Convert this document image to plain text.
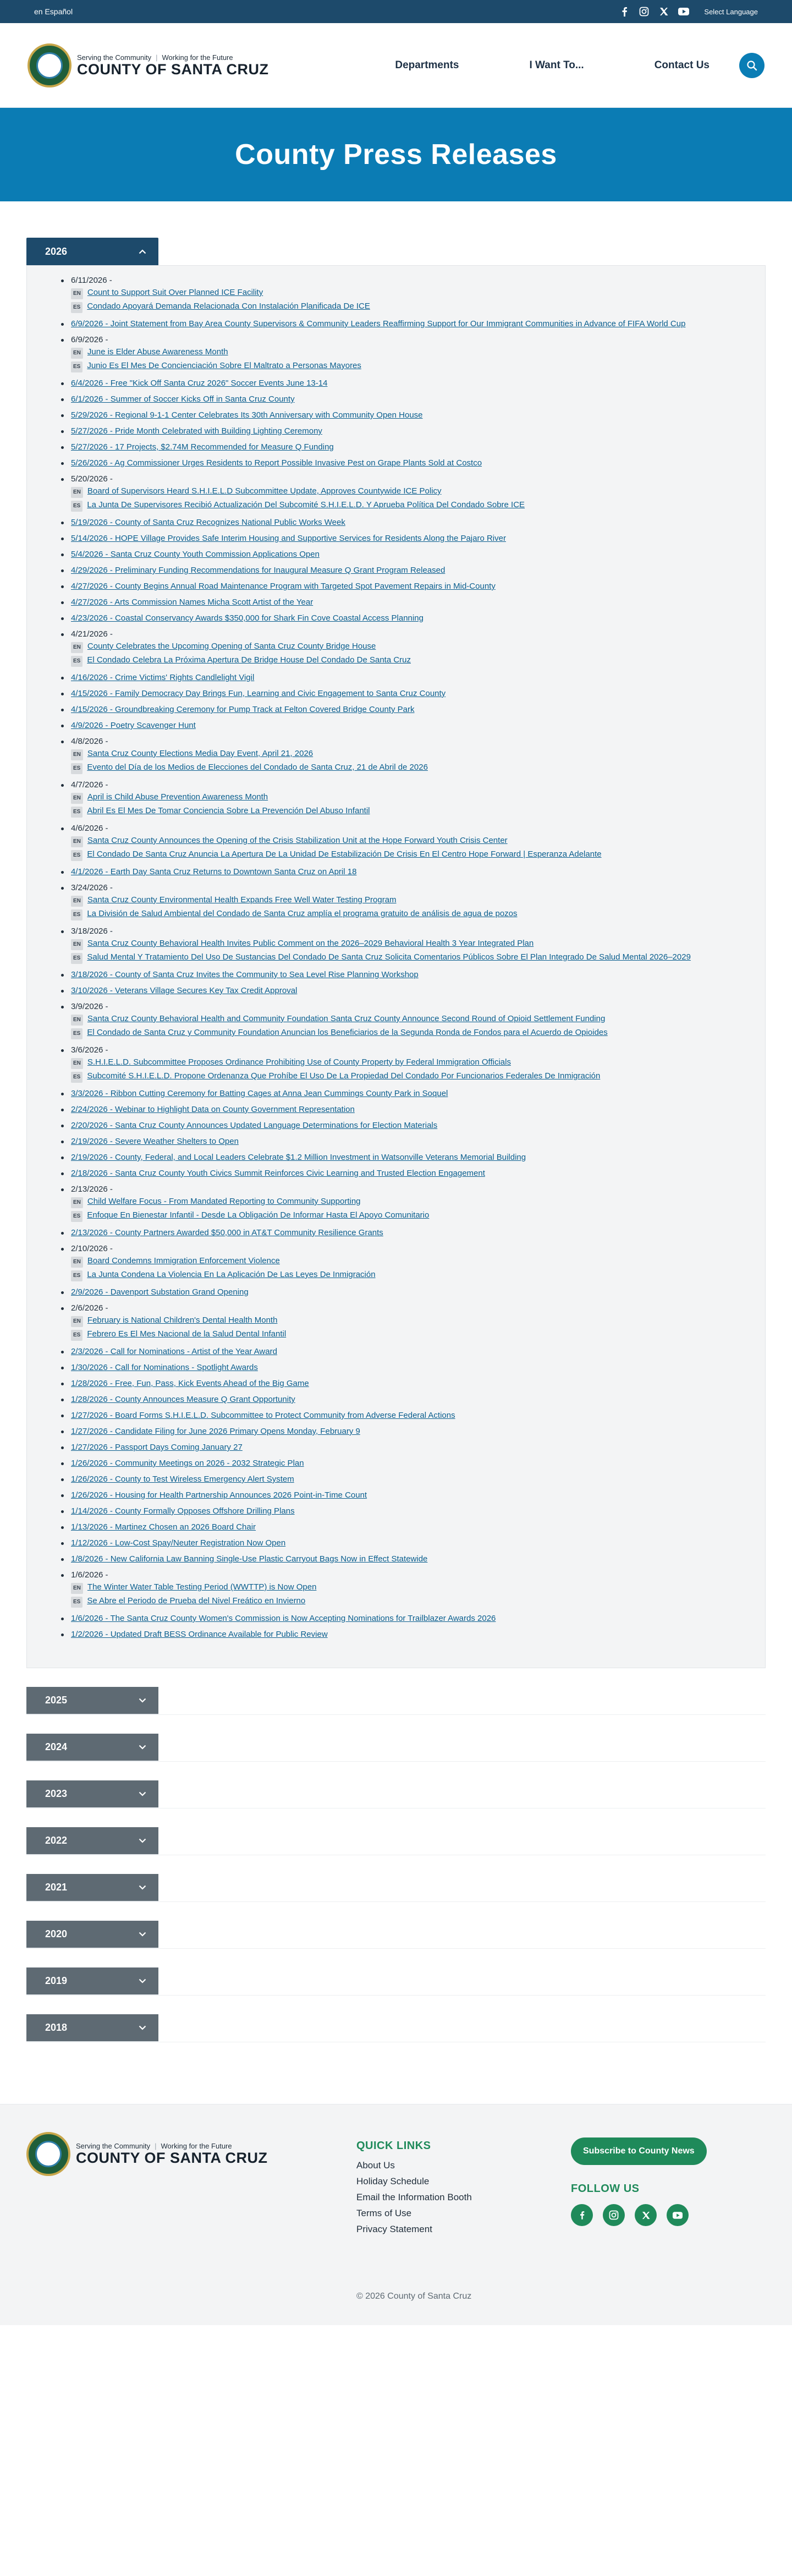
en Español	Select Language
Serving the Community | Working for the Future
COUNTY OF SANTA CRUZ	Departments	I Want To...	Contact Us
County Press Releases
2026
6/11/2026 -
EN Count to Support Suit Over Planned ICE Facility
ES Condado Apoyará Demanda Relacionada Con Instalación Planificada De ICE
6/9/2026 - Joint Statement from Bay Area County Supervisors & Community Leaders Reaffirming Support for Our Immigrant Communities in Advance of FIFA World Cup
6/9/2026 -
EN June is Elder Abuse Awareness Month
ES Junio Es El Mes De Concienciación Sobre El Maltrato a Personas Mayores
6/4/2026 - Free "Kick Off Santa Cruz 2026" Soccer Events June 13-14
6/1/2026 - Summer of Soccer Kicks Off in Santa Cruz County
5/29/2026 - Regional 9-1-1 Center Celebrates Its 30th Anniversary with Community Open House
5/27/2026 - Pride Month Celebrated with Building Lighting Ceremony
5/27/2026 - 17 Projects, $2.74M Recommended for Measure Q Funding
5/26/2026 - Ag Commissioner Urges Residents to Report Possible Invasive Pest on Grape Plants Sold at Costco
5/20/2026 -
EN Board of Supervisors Heard S.H.I.E.L.D Subcommittee Update, Approves Countywide ICE Policy
ES La Junta De Supervisores Recibió Actualización Del Subcomité S.H.I.E.L.D. Y Aprueba Política Del Condado Sobre ICE
5/19/2026 - County of Santa Cruz Recognizes National Public Works Week
5/14/2026 - HOPE Village Provides Safe Interim Housing and Supportive Services for Residents Along the Pajaro River
5/4/2026 - Santa Cruz County Youth Commission Applications Open
4/29/2026 - Preliminary Funding Recommendations for Inaugural Measure Q Grant Program Released
4/27/2026 - County Begins Annual Road Maintenance Program with Targeted Spot Pavement Repairs in Mid-County
4/27/2026 - Arts Commission Names Micha Scott Artist of the Year
4/23/2026 - Coastal Conservancy Awards $350,000 for Shark Fin Cove Coastal Access Planning
4/21/2026 -
EN County Celebrates the Upcoming Opening of Santa Cruz County Bridge House
ES El Condado Celebra La Próxima Apertura De Bridge House Del Condado De Santa Cruz
4/16/2026 - Crime Victims' Rights Candlelight Vigil
4/15/2026 - Family Democracy Day Brings Fun, Learning and Civic Engagement to Santa Cruz County
4/15/2026 - Groundbreaking Ceremony for Pump Track at Felton Covered Bridge County Park
4/9/2026 - Poetry Scavenger Hunt
4/8/2026 -
EN Santa Cruz County Elections Media Day Event, April 21, 2026
ES Evento del Día de los Medios de Elecciones del Condado de Santa Cruz, 21 de Abril de 2026
4/7/2026 -
EN April is Child Abuse Prevention Awareness Month
ES Abril Es El Mes De Tomar Conciencia Sobre La Prevención Del Abuso Infantil
4/6/2026 -
EN Santa Cruz County Announces the Opening of the Crisis Stabilization Unit at the Hope Forward Youth Crisis Center
ES El Condado De Santa Cruz Anuncia La Apertura De La Unidad De Estabilización De Crisis En El Centro Hope Forward | Esperanza Adelante
4/1/2026 - Earth Day Santa Cruz Returns to Downtown Santa Cruz on April 18
3/24/2026 -
EN Santa Cruz County Environmental Health Expands Free Well Water Testing Program
ES La División de Salud Ambiental del Condado de Santa Cruz amplía el programa gratuito de análisis de agua de pozos
3/18/2026 -
EN Santa Cruz County Behavioral Health Invites Public Comment on the 2026–2029 Behavioral Health 3 Year Integrated Plan
ES Salud Mental Y Tratamiento Del Uso De Sustancias Del Condado De Santa Cruz Solicita Comentarios Públicos Sobre El Plan Integrado De Salud Mental 2026–2029
3/18/2026 - County of Santa Cruz Invites the Community to Sea Level Rise Planning Workshop
3/10/2026 - Veterans Village Secures Key Tax Credit Approval
3/9/2026 -
EN Santa Cruz County Behavioral Health and Community Foundation Santa Cruz County Announce Second Round of Opioid Settlement Funding
ES El Condado de Santa Cruz y Community Foundation Anuncian los Beneficiarios de la Segunda Ronda de Fondos para el Acuerdo de Opioides
3/6/2026 -
EN S.H.I.E.L.D. Subcommittee Proposes Ordinance Prohibiting Use of County Property by Federal Immigration Officials
ES Subcomité S.H.I.E.L.D. Propone Ordenanza Que Prohíbe El Uso De La Propiedad Del Condado Por Funcionarios Federales De Inmigración
3/3/2026 - Ribbon Cutting Ceremony for Batting Cages at Anna Jean Cummings County Park in Soquel
2/24/2026 - Webinar to Highlight Data on County Government Representation
2/20/2026 - Santa Cruz County Announces Updated Language Determinations for Election Materials
2/19/2026 - Severe Weather Shelters to Open
2/19/2026 - County, Federal, and Local Leaders Celebrate $1.2 Million Investment in Watsonville Veterans Memorial Building
2/18/2026 - Santa Cruz County Youth Civics Summit Reinforces Civic Learning and Trusted Election Engagement
2/13/2026 -
EN Child Welfare Focus - From Mandated Reporting to Community Supporting
ES Enfoque En Bienestar Infantil - Desde La Obligación De Informar Hasta El Apoyo Comunitario
2/13/2026 - County Partners Awarded $50,000 in AT&T Community Resilience Grants
2/10/2026 -
EN Board Condemns Immigration Enforcement Violence
ES La Junta Condena La Violencia En La Aplicación De Las Leyes De Inmigración
2/9/2026 - Davenport Substation Grand Opening
2/6/2026 -
EN February is National Children's Dental Health Month
ES Febrero Es El Mes Nacional de la Salud Dental Infantil
2/3/2026 - Call for Nominations - Artist of the Year Award
1/30/2026 - Call for Nominations - Spotlight Awards
1/28/2026 - Free, Fun, Pass, Kick Events Ahead of the Big Game
1/28/2026 - County Announces Measure Q Grant Opportunity
1/27/2026 - Board Forms S.H.I.E.L.D. Subcommittee to Protect Community from Adverse Federal Actions
1/27/2026 - Candidate Filing for June 2026 Primary Opens Monday, February 9
1/27/2026 - Passport Days Coming January 27
1/26/2026 - Community Meetings on 2026 - 2032 Strategic Plan
1/26/2026 - County to Test Wireless Emergency Alert System
1/26/2026 - Housing for Health Partnership Announces 2026 Point-in-Time Count
1/14/2026 - County Formally Opposes Offshore Drilling Plans
1/13/2026 - Martinez Chosen an 2026 Board Chair
1/12/2026 - Low-Cost Spay/Neuter Registration Now Open
1/8/2026 - New California Law Banning Single-Use Plastic Carryout Bags Now in Effect Statewide
1/6/2026 -
EN The Winter Water Table Testing Period (WWTTP) is Now Open
ES Se Abre el Periodo de Prueba del Nivel Freático en Invierno
1/6/2026 - The Santa Cruz County Women's Commission is Now Accepting Nominations for Trailblazer Awards 2026
1/2/2026 - Updated Draft BESS Ordinance Available for Public Review
2025
2024
2023
2022
2021
2020
2019
2018
Serving the Community | Working for the Future
COUNTY OF SANTA CRUZ
QUICK LINKS
About Us
Holiday Schedule
Email the Information Booth
Terms of Use
Privacy Statement
Subscribe to County News
FOLLOW US
© 2026 County of Santa Cruz
